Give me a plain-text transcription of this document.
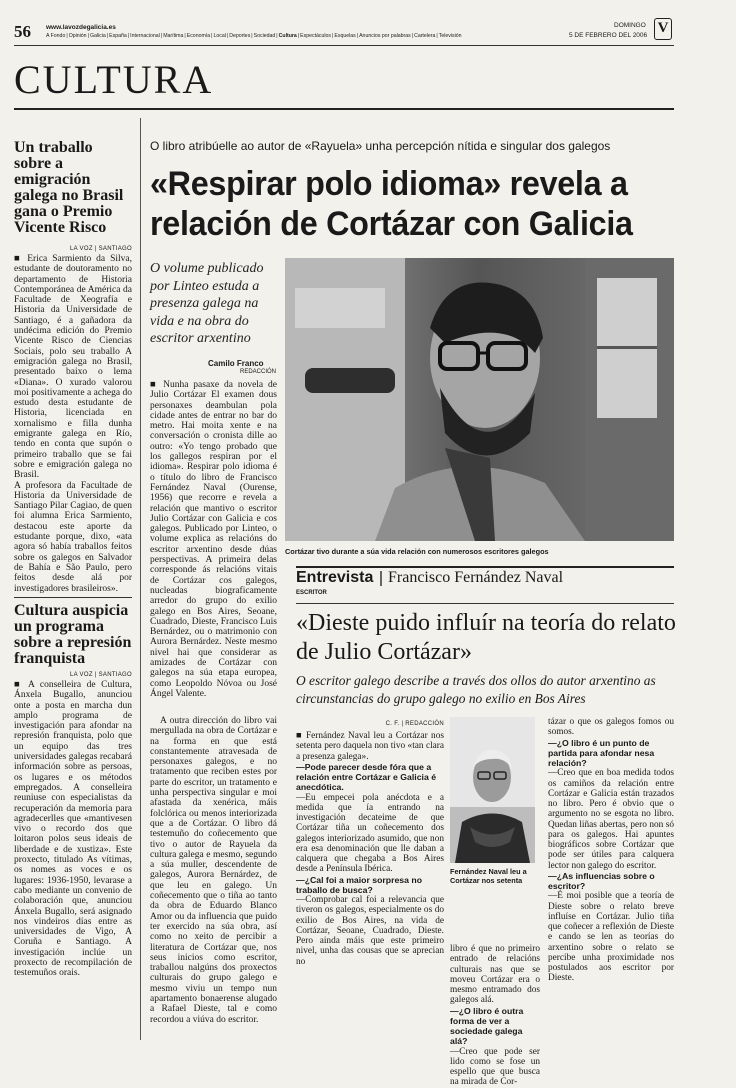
56 www.lavozdegalicia.es
A Fondo|Opinión|Galicia|España|Internacional|Marítima|Economía|Local|Deportes|Sociedad|Cultura|Espectáculos|Esquelas|Anuncios por palabras|Cartelera|Televisión
DOMINGO
5 DE FEBRERO DEL 2006 V
CULTURA
Un traballo sobre a emigración galega no Brasil gana o Premio Vicente Risco
LA VOZ | SANTIAGO

■ Erica Sarmiento da Silva, estudante de doutoramento no departamento de Historia Contemporánea de América da Facultade de Xeografía e Historia da Universidade de Santiago, é a gañadora da undécima edición do Premio Vicente Risco de Ciencias Sociais, polo seu traballo A emigración galega no Brasil, presentado baixo o lema «Diana». O xurado valorou moi positivamente a achega do estudo desta estudante de Historia, licenciada en xornalismo e filla dunha emigrante galega en Río, tendo en conta que supón o primeiro traballo que se fai sobre e emigración galega no Brasil.

A profesora da Facultade de Historia da Universidade de Santiago Pilar Cagiao, de quen foi alumna Erica Sarmiento, destacou este aporte da estudante porque, dixo, «ata agora só había traballos feitos sobre os galegos en Salvador de Bahía e São Paulo, pero feitos desde alá por investigadores brasileiros».

Cultura auspicia un programa sobre a represión franquista
LA VOZ | SANTIAGO

■ A conselleira de Cultura, Ánxela Bugallo, anunciou onte a posta en marcha dun amplo programa de investigación para afondar na represión franquista, polo que un equipo das tres universidades galegas recabará información sobre as persoas, os lugares e os métodos empregados. A conselleira reuniuse con especialistas da recuperación da memoria para agradecerlles que «mantivesen vivo o recordo dos que loitaron polos seus ideais de liberdade e de xustiza». Este proxecto, titulado As vítimas, os nomes as voces e os lugares: 1936-1950, levarase a cabo mediante un convenio de colaboración que, anunciou Ánxela Bugallo, será asignado nos vindeiros días entre as universidades de Vigo, A Coruña e Santiago. A investigación inclúe un proxecto de recompilación de testemuños orais.

O libro atribúelle ao autor de «Rayuela» unha percepción nítida e singular dos galegos
«Respirar polo idioma» revela a relación de Cortázar con Galicia
O volume publicado por Linteo estuda a presenza galega na vida e na obra do escritor arxentino
Camilo Franco
REDACCIÓN
Cortázar tivo durante a súa vida relación con numerosos escritores galegos
■ Nunha pasaxe da novela de Julio Cortázar El examen dous personaxes deambulan pola cidade antes de entrar no bar do metro. Hai moita xente e na conversación o cronista dille ao outro: «Yo tengo probado que los gallegos respiran por el idioma». Respirar polo idioma é o título do libro de Francisco Fernández Naval (Ourense, 1956) que recorre e revela a relación que mantivo o escritor Julio Cortázar con Galicia e cos galegos. Publicado por Linteo, o volume explica as relacións do escritor arxentino desde dúas perspectivas. A primeira delas corresponde ás relacións vitais de Cortázar cos galegos, nucleadas biograficamente arredor do grupo do exilio galego en Bos Aires, Seoane, Cuadrado, Dieste, Francisco Luis Bernárdez, ou o matrimonio con Aurora Bernárdez. Neste mesmo nivel hai que considerar as amizades de Cortázar con galegos na súa etapa europea, como Leopoldo Nóvoa ou José Ángel Valente.
A outra dirección do libro vai mergullada na obra de Cortázar e na forma en que está constantemente atravesada de personaxes galegos, e no tratamento que reciben estes por parte do escritor, un tratamento e unha perspectiva singular e moi afastada da xenérica, máis folclórica ou menos interiorizada que a de Cortázar. O libro dá testemuño do coñecemento que tivo o autor de Rayuela da cultura galega e mesmo, segundo a súa muller, descendente de galegos, Aurora Bernárdez, de que leu en galego. Un coñecemento que o tiña ao tanto da obra de Eduardo Blanco Amor ou da influencia que puido ter exercido na súa obra, así como no xeito de percibir a literatura de Cortázar que, nos seus inicios como escritor, traballou nalgúns dos proxectos culturais do grupo galego e mesmo viviu un tempo nun apartamento bonaerense alugado a Rafael Dieste, tal e como recordou a viúva do escritor.
Entrevista Francisco Fernández Naval
ESCRITOR
«Dieste puido influír na teoría do relato de Julio Cortázar»
O escritor galego describe a través dos ollos do autor arxentino as circunstancias do grupo galego no exilio en Bos Aires
C. F. | REDACCIÓN

■ Fernández Naval leu a Cortázar nos setenta pero daquela non tivo «tan clara a presenza galega».

—Pode parecer desde fóra que a relación entre Cortázar e Galicia é anecdótica.

—Eu empecei pola anécdota e a medida que ía entrando na investigación decateime de que Cortázar tiña un coñecemento dos galegos interiorizado asumido, que non era esa denominación que lle daban a calquera que chegaba a Bos Aires desde a Península Ibérica.

—¿Cal foi a maior sorpresa no traballo de busca?

—Comprobar cal foi a relevancia que tiveron os galegos, especialmente os do exilio de Bos Aires, na vida de Cortázar, Seoane, Cuadrado, Dieste. Pero ainda máis que este primeiro nivel, unha das cousas que se aprecian no

Fernández Naval leu a Cortázar nos setenta

libro é que no primeiro entrado de relacións culturais nas que se moveu Cortázar era o mesmo entramado dos galegos alá.

—¿O libro é outra forma de ver a sociedade galega alá?

—Creo que pode ser lido como se fose un espello que que busca na mirada de Cor-

tázar o que os galegos fomos ou somos.

—¿O libro é un punto de partida para afondar nesa relación?

—Creo que en boa medida todos os camiños da relación entre Cortázar e Galicia están trazados no libro. Pero é obvio que o argumento no se esgota no libro. Quedan liñas abertas, pero non só para os galegos. Hai apuntes biográficos sobre Cortázar que pode ser útiles para calquera lector non galego do escritor.

—¿As influencias sobre o escritor?

—É moi posible que a teoría de Dieste sobre o relato breve influíse en Cortázar. Julio tiña que coñecer a reflexión de Dieste e cando se len as teorías do arxentino sobre o relato se percibe unha proximidade nos postulados aos escritor por Dieste.
